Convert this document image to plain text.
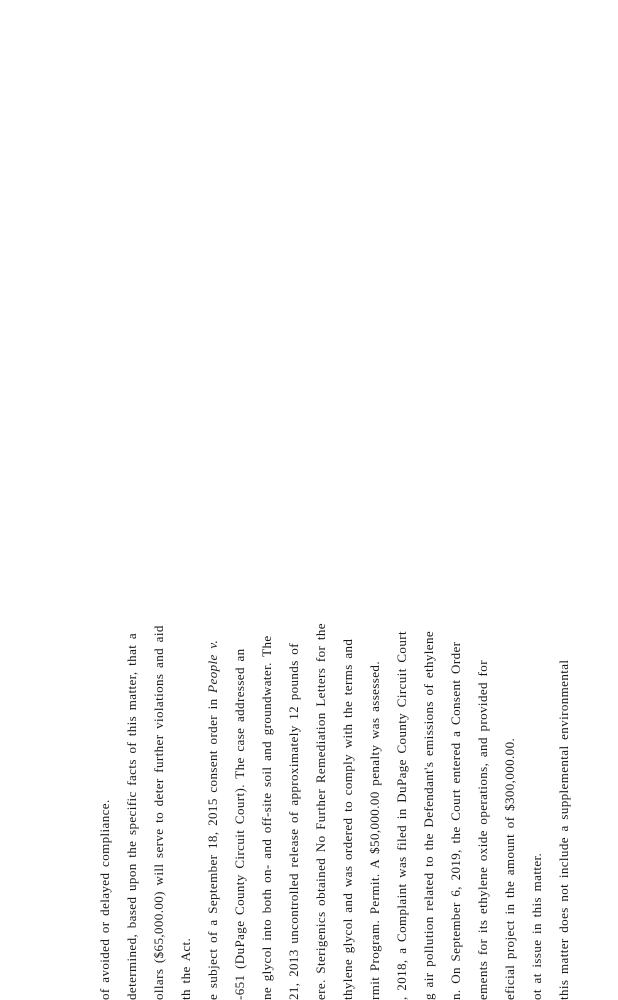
of avoided or delayed compliance. determined, based upon the specific facts of this matter, that a ollars ($65,000.00) will serve to deter further violations and aid th the Act. e subject of a September 18, 2015 consent order in People v. -651 (DuPage County Circuit Court). The case addressed an ne glycol into both on- and off-site soil and groundwater. The 21, 2013 uncontrolled release of approximately 12 pounds of ere. Sterigenics obtained No Further Remediation Letters for the thylene glycol and was ordered to comply with the terms and rmit Program. Permit. A $50,000.00 penalty was assessed. , 2018, a Complaint was filed in DuPage County Circuit Court g air pollution related to the Defendant's emissions of ethylene n. On September 6, 2019, the Court entered a Consent Order ements for its ethylene oxide operations, and provided for eficial project in the amount of $300,000.00. ot at issue in this matter. this matter does not include a supplemental environmental
